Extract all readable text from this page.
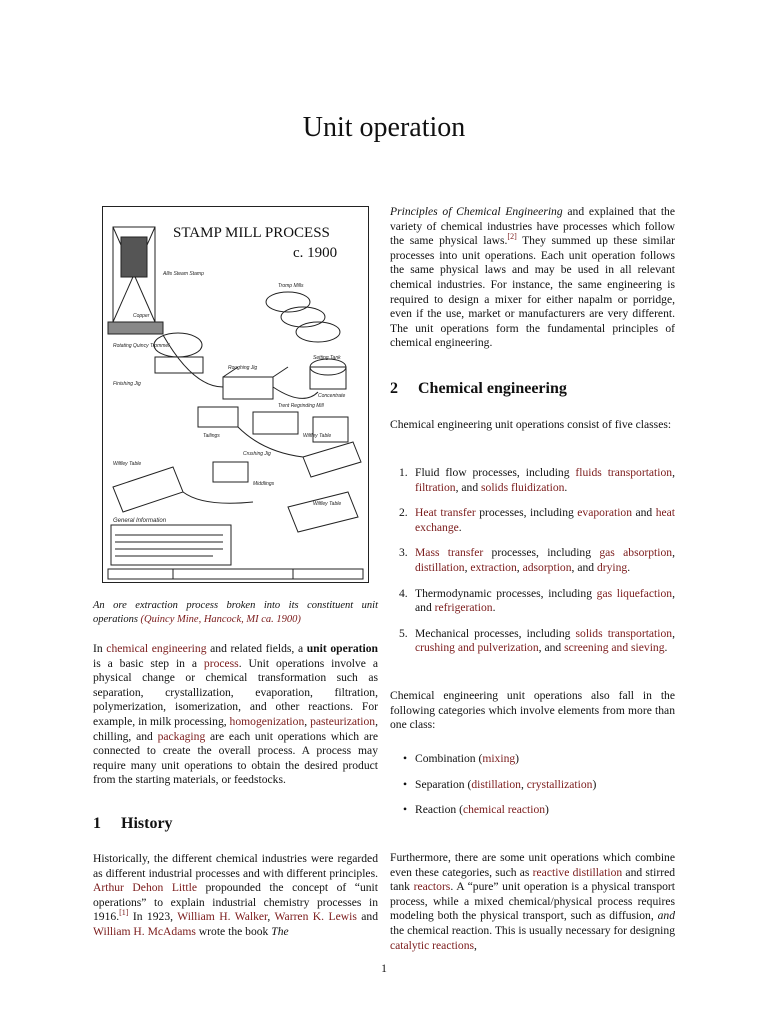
Unit operation
STAMP MILL PROCESS
c. 1900
Allis Steam Stamp
Tromp Mills
Rotating Quincy Trommel
Setting Tank
Roughing Jig
Finishing Jig
Trent Regrinding Mill
Wilfley Table
Crushing Jig
Wilfley Table
Wilfley Table
General Information
Copper
Tailings
Middlings
Concentrate
An ore extraction process broken into its constituent unit operations (Quincy Mine, Hancock, MI ca. 1900)

In chemical engineering and related fields, a unit operation is a basic step in a process. Unit operations involve a physical change or chemical transformation such as separation, crystallization, evaporation, filtration, polymerization, isomerization, and other reactions. For example, in milk processing, homogenization, pasteurization, chilling, and packaging are each unit operations which are connected to create the overall process. A process may require many unit operations to obtain the desired product from the starting materials, or feedstocks.

1 History

Historically, the different chemical industries were regarded as different industrial processes and with different principles. Arthur Dehon Little propounded the concept of “unit operations” to explain industrial chemistry processes in 1916.[1] In 1923, William H. Walker, Warren K. Lewis and William H. McAdams wrote the book The

Principles of Chemical Engineering and explained that the variety of chemical industries have processes which follow the same physical laws.[2] They summed up these similar processes into unit operations. Each unit operation follows the same physical laws and may be used in all relevant chemical industries. For instance, the same engineering is required to design a mixer for either napalm or porridge, even if the use, market or manufacturers are very different. The unit operations form the fundamental principles of chemical engineering.

2 Chemical engineering

Chemical engineering unit operations consist of five classes:

1. Fluid flow processes, including fluids transportation, filtration, and solids fluidization.
2. Heat transfer processes, including evaporation and heat exchange.
3. Mass transfer processes, including gas absorption, distillation, extraction, adsorption, and drying.
4. Thermodynamic processes, including gas liquefaction, and refrigeration.
5. Mechanical processes, including solids transportation, crushing and pulverization, and screening and sieving.

Chemical engineering unit operations also fall in the following categories which involve elements from more than one class:

• Combination (mixing)
• Separation (distillation, crystallization)
• Reaction (chemical reaction)

Furthermore, there are some unit operations which combine even these categories, such as reactive distillation and stirred tank reactors. A “pure” unit operation is a physical transport process, while a mixed chemical/physical process requires modeling both the physical transport, such as diffusion, and the chemical reaction. This is usually necessary for designing catalytic reactions,

1
